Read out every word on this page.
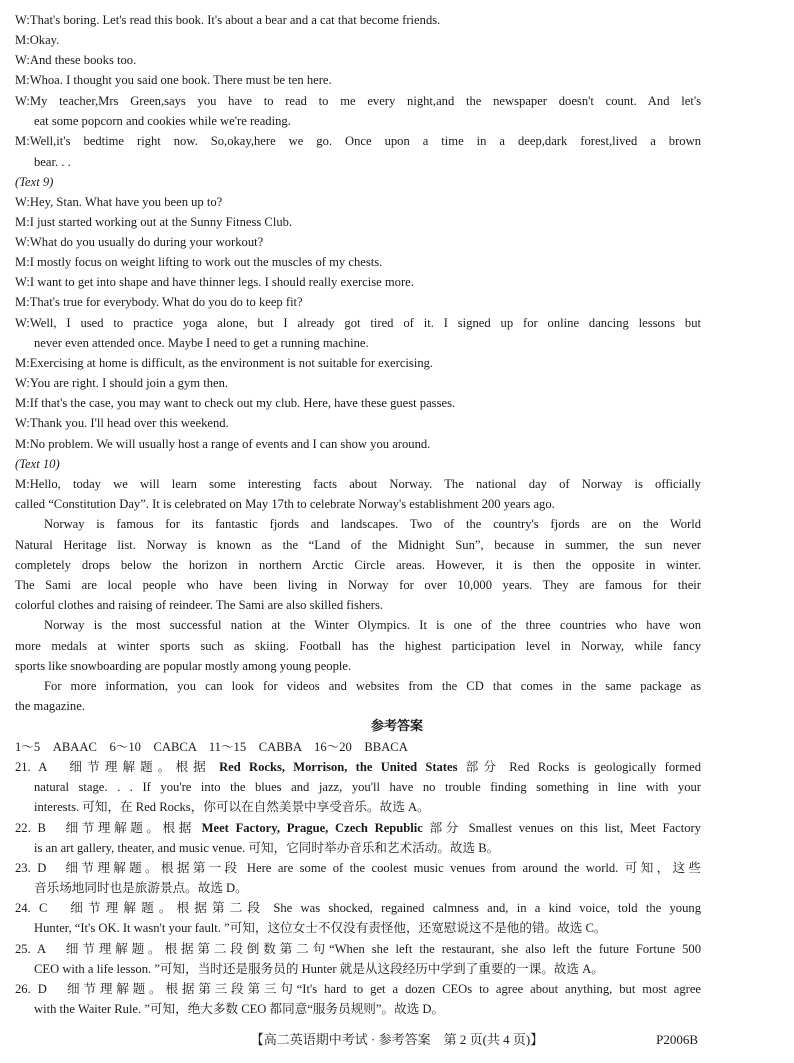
W:That's boring. Let's read this book. It's about a bear and a cat that become friends.
M:Okay.
W:And these books too.
M:Whoa. I thought you said one book. There must be ten here.
W:My teacher,Mrs Green,says you have to read to me every night,and the newspaper doesn't count. And let's
eat some popcorn and cookies while we're reading.
M:Well,it's bedtime right now. So,okay,here we go. Once upon a time in a deep,dark forest,lived a brown
bear. . .
(Text 9)
W:Hey, Stan. What have you been up to?
M:I just started working out at the Sunny Fitness Club.
W:What do you usually do during your workout?
M:I mostly focus on weight lifting to work out the muscles of my chests.
W:I want to get into shape and have thinner legs. I should really exercise more.
M:That's true for everybody. What do you do to keep fit?
W:Well, I used to practice yoga alone, but I already got tired of it. I signed up for online dancing lessons but
never even attended once. Maybe I need to get a running machine.
M:Exercising at home is difficult, as the environment is not suitable for exercising.
W:You are right. I should join a gym then.
M:If that's the case, you may want to check out my club. Here, have these guest passes.
W:Thank you. I'll head over this weekend.
M:No problem. We will usually host a range of events and I can show you around.
(Text 10)
M:Hello, today we will learn some interesting facts about Norway. The national day of Norway is officially
called “Constitution Day”. It is celebrated on May 17th to celebrate Norway's establishment 200 years ago.
Norway is famous for its fantastic fjords and landscapes. Two of the country's fjords are on the World
Natural Heritage list. Norway is known as the “Land of the Midnight Sun”, because in summer, the sun never
completely drops below the horizon in northern Arctic Circle areas. However, it is then the opposite in winter.
The Sami are local people who have been living in Norway for over 10,000 years. They are famous for their
colorful clothes and raising of reindeer. The Sami are also skilled fishers.
Norway is the most successful nation at the Winter Olympics. It is one of the three countries who have won
more medals at winter sports such as skiing. Football has the highest participation level in Norway, while fancy
sports like snowboarding are popular mostly among young people.
For more information, you can look for videos and websites from the CD that comes in the same package as
the magazine.
参考答案
1～5　ABAAC　6～10　CABCA　11～15　CABBA　16～20　BBACA
21. A　细节理解题。根据 Red Rocks, Morrison, the United States 部分 Red Rocks is geologically formed
natural stage. . . If you're into the blues and jazz, you'll have no trouble finding something in line with your
interests. 可知，在 Red Rocks，你可以在自然美景中享受音乐。故选 A。
22. B　细节理解题。根据 Meet Factory, Prague, Czech Republic 部分 Smallest venues on this list, Meet Factory
is an art gallery, theater, and music venue. 可知，它同时举办音乐和艺术活动。故选 B。
23. D　细节理解题。根据第一段 Here are some of the coolest music venues from around the world. 可知，这些
音乐场地同时也是旅游景点。故选 D。
24. C　细节理解题。根据第二段 She was shocked, regained calmness and, in a kind voice, told the young
Hunter, “It's OK. It wasn't your fault. ”可知，这位女士不仅没有责怪他，还宽慰说这不是他的错。故选 C。
25. A　细节理解题。根据第二段倒数第二句“When she left the restaurant, she also left the future Fortune 500
CEO with a life lesson. ”可知，当时还是服务员的 Hunter 就是从这段经历中学到了重要的一课。故选 A。
26. D　细节理解题。根据第三段第三句“It's hard to get a dozen CEOs to agree about anything, but most agree
with the Waiter Rule. ”可知，绝大多数 CEO 都同意“服务员规则”。故选 D。
【高二英语期中考试 · 参考答案　第 2 页(共 4 页)】	P2006B
